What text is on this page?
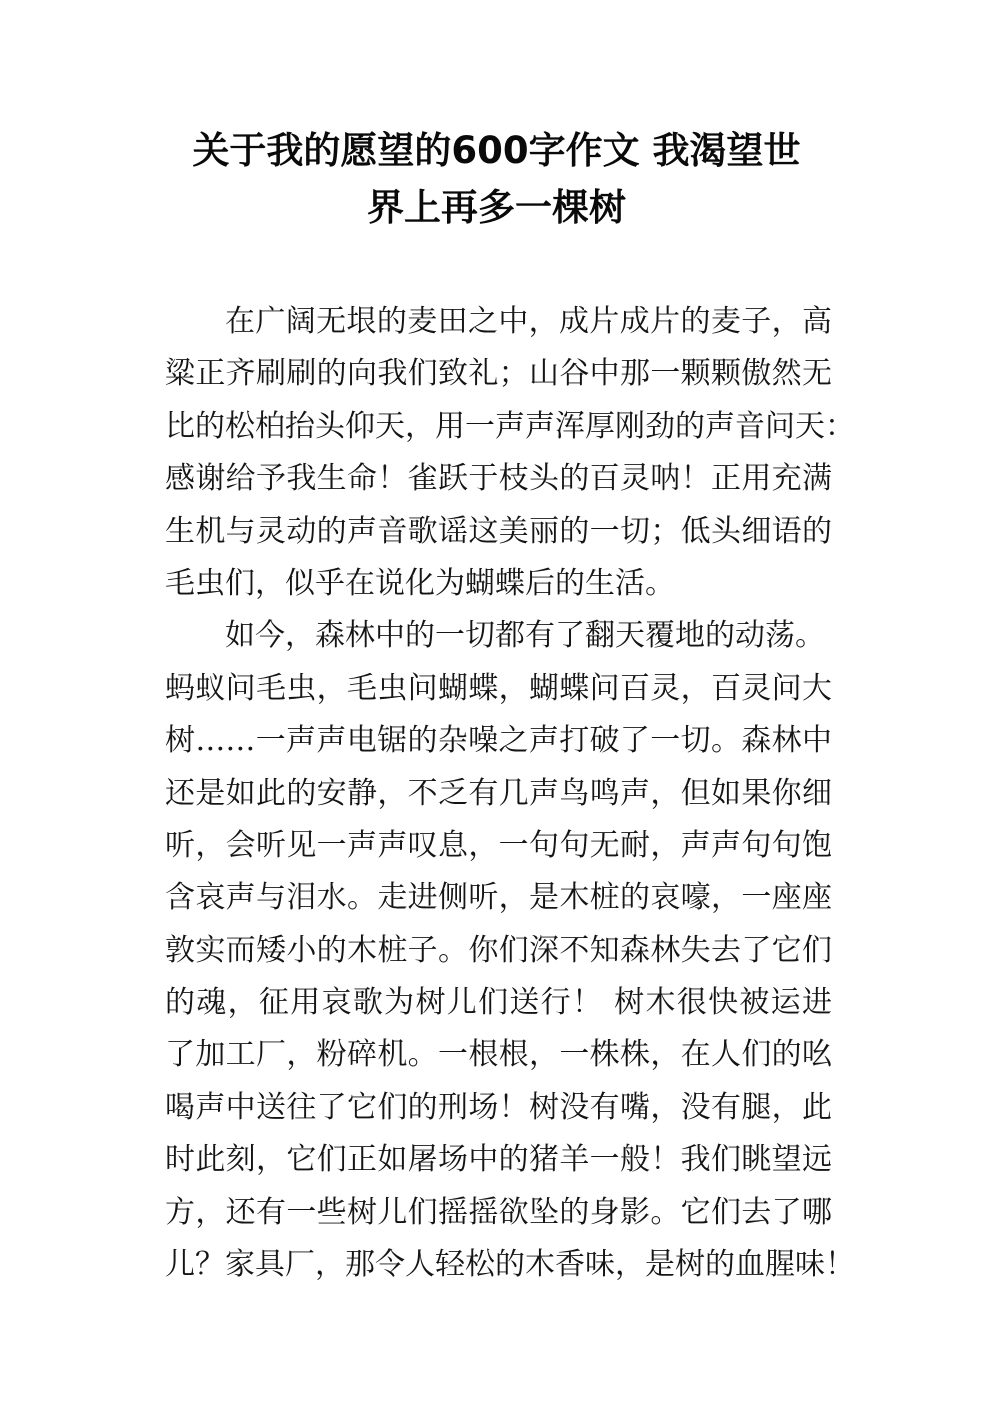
关于我的愿望的600字作文 我渴望世
界上再多一棵树
在广阔无垠的麦田之中，成片成片的麦子，高
粱正齐刷刷的向我们致礼；山谷中那一颗颗傲然无
比的松柏抬头仰天，用一声声浑厚刚劲的声音问天：
感谢给予我生命！雀跃于枝头的百灵呐！正用充满
生机与灵动的声音歌谣这美丽的一切；低头细语的
毛虫们，似乎在说化为蝴蝶后的生活。
如今，森林中的一切都有了翻天覆地的动荡。
蚂蚁问毛虫，毛虫问蝴蝶，蝴蝶问百灵，百灵问大
树……一声声电锯的杂噪之声打破了一切。森林中
还是如此的安静，不乏有几声鸟鸣声，但如果你细
听，会听见一声声叹息，一句句无耐，声声句句饱
含哀声与泪水。走进侧听，是木桩的哀嚎，一座座
敦实而矮小的木桩子。你们深不知森林失去了它们
的魂，征用哀歌为树儿们送行！ 树木很快被运进
了加工厂，粉碎机。一根根，一株株，在人们的吆
喝声中送往了它们的刑场！树没有嘴，没有腿，此
时此刻，它们正如屠场中的猪羊一般！我们眺望远
方，还有一些树儿们摇摇欲坠的身影。它们去了哪
儿？家具厂，那令人轻松的木香味，是树的血腥味！
